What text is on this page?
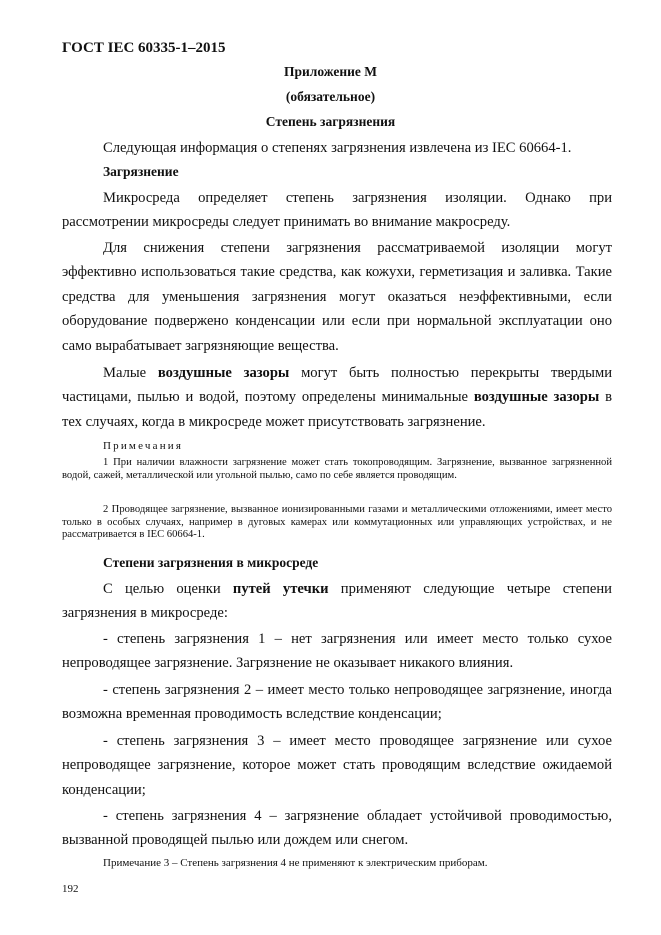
ГОСТ IEC 60335-1–2015
Приложение М
(обязательное)
Степень загрязнения

Следующая информация о степенях загрязнения извлечена из IEC 60664-1.

Загрязнение

Микросреда определяет степень загрязнения изоляции. Однако при рассмотрении микросреды следует принимать во внимание макросреду.

Для снижения степени загрязнения рассматриваемой изоляции могут эффективно использоваться такие средства, как кожухи, герметизация и заливка. Такие средства для уменьшения загрязнения могут оказаться неэффективными, если оборудование подвержено конденсации или если при нормальной эксплуатации оно само вырабатывает загрязняющие вещества.

Малые воздушные зазоры могут быть полностью перекрыты твердыми частицами, пылью и водой, поэтому определены минимальные воздушные зазоры в тех случаях, когда в микросреде может присутствовать загрязнение.

Примечания

1 При наличии влажности загрязнение может стать токопроводящим. Загрязнение, вызванное загрязненной водой, сажей, металлической или угольной пылью, само по себе является проводящим.

2 Проводящее загрязнение, вызванное ионизированными газами и металлическими отложениями, имеет место только в особых случаях, например в дуговых камерах или коммутационных или управляющих устройствах, и не рассматривается в IEC 60664-1.

Степени загрязнения в микросреде

С целью оценки путей утечки применяют следующие четыре степени загрязнения в микросреде:

- степень загрязнения 1 – нет загрязнения или имеет место только сухое непроводящее загрязнение. Загрязнение не оказывает никакого влияния.

- степень загрязнения 2 – имеет место только непроводящее загрязнение, иногда возможна временная проводимость вследствие конденсации;

- степень загрязнения 3 – имеет место проводящее загрязнение или сухое непроводящее загрязнение, которое может стать проводящим вследствие ожидаемой конденсации;

- степень загрязнения 4 – загрязнение обладает устойчивой проводимостью, вызванной проводящей пылью или дождем или снегом.

Примечание 3 – Степень загрязнения 4 не применяют к электрическим приборам.
192
